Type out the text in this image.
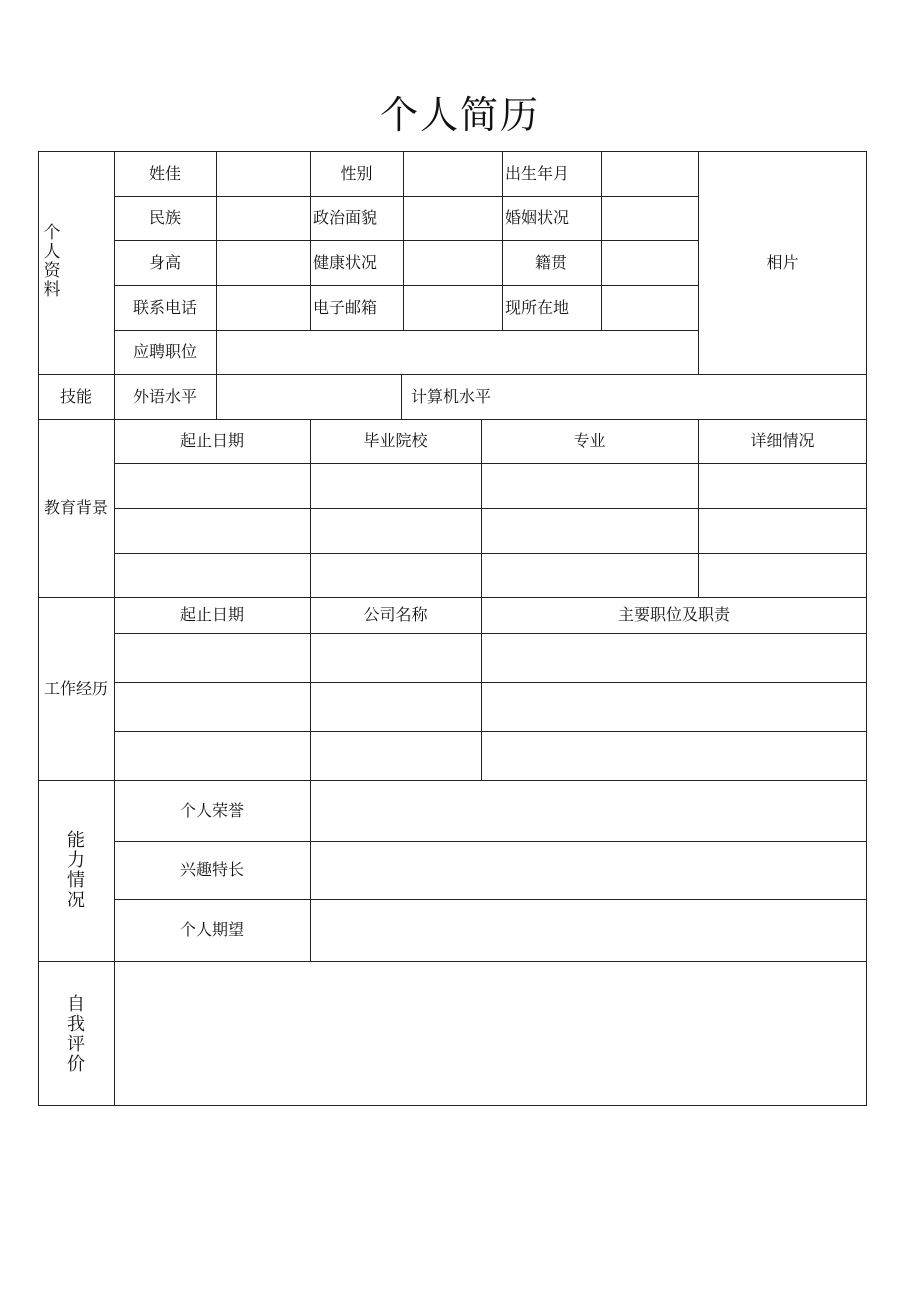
个人简历
个
人
资
料
姓佳	性别	出生年月
民族	政治面貌	婚姻状况
身高	健康状况	籍贯
联系电话	电子邮箱	现所在地
应聘职位
相片
技能	外语水平	计算机水平
教育背景
起止日期	毕业院校	专业	详细情况
工作经历
起止日期	公司名称	主要职位及职责
能
力
情
况
个人荣誉
兴趣特长
个人期望
自
我
评
价
